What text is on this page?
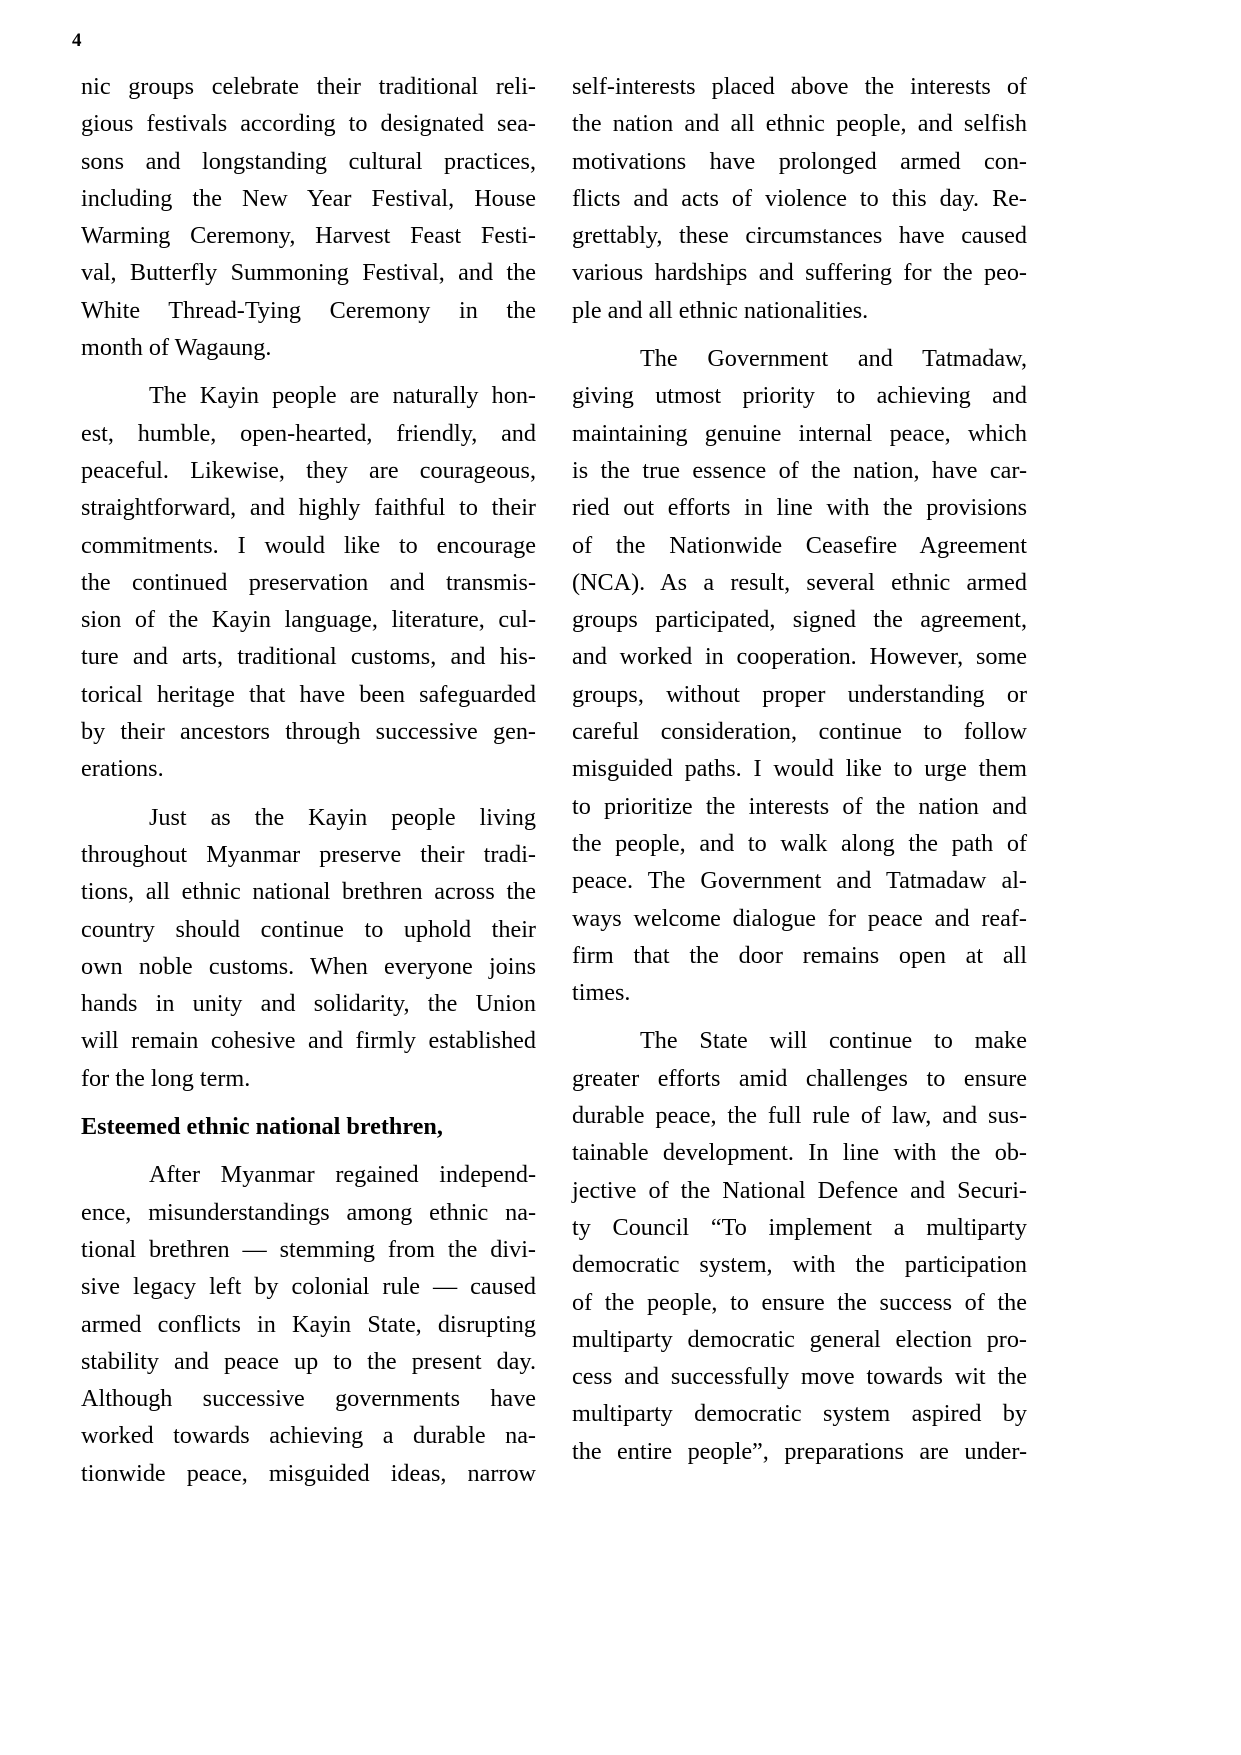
4
nic groups celebrate their traditional reli-
gious festivals according to designated sea-
sons and longstanding cultural practices,
including the New Year Festival, House
Warming Ceremony, Harvest Feast Festi-
val, Butterfly Summoning Festival, and the
White Thread-Tying Ceremony in the
month of Wagaung.
The Kayin people are naturally hon-
est, humble, open-hearted, friendly, and
peaceful. Likewise, they are courageous,
straightforward, and highly faithful to their
commitments. I would like to encourage
the continued preservation and transmis-
sion of the Kayin language, literature, cul-
ture and arts, traditional customs, and his-
torical heritage that have been safeguarded
by their ancestors through successive gen-
erations.
Just as the Kayin people living
throughout Myanmar preserve their tradi-
tions, all ethnic national brethren across the
country should continue to uphold their
own noble customs. When everyone joins
hands in unity and solidarity, the Union
will remain cohesive and firmly established
for the long term.
Esteemed ethnic national brethren,
After Myanmar regained independ-
ence, misunderstandings among ethnic na-
tional brethren — stemming from the divi-
sive legacy left by colonial rule — caused
armed conflicts in Kayin State, disrupting
stability and peace up to the present day.
Although successive governments have
worked towards achieving a durable na-
tionwide peace, misguided ideas, narrow
self-interests placed above the interests of
the nation and all ethnic people, and selfish
motivations have prolonged armed con-
flicts and acts of violence to this day. Re-
grettably, these circumstances have caused
various hardships and suffering for the peo-
ple and all ethnic nationalities.
The Government and Tatmadaw,
giving utmost priority to achieving and
maintaining genuine internal peace, which
is the true essence of the nation, have car-
ried out efforts in line with the provisions
of the Nationwide Ceasefire Agreement
(NCA). As a result, several ethnic armed
groups participated, signed the agreement,
and worked in cooperation. However, some
groups, without proper understanding or
careful consideration, continue to follow
misguided paths. I would like to urge them
to prioritize the interests of the nation and
the people, and to walk along the path of
peace. The Government and Tatmadaw al-
ways welcome dialogue for peace and reaf-
firm that the door remains open at all
times.
The State will continue to make
greater efforts amid challenges to ensure
durable peace, the full rule of law, and sus-
tainable development. In line with the ob-
jective of the National Defence and Securi-
ty Council “To implement a multiparty
democratic system, with the participation
of the people, to ensure the success of the
multiparty democratic general election pro-
cess and successfully move towards wit the
multiparty democratic system aspired by
the entire people”, preparations are under-
